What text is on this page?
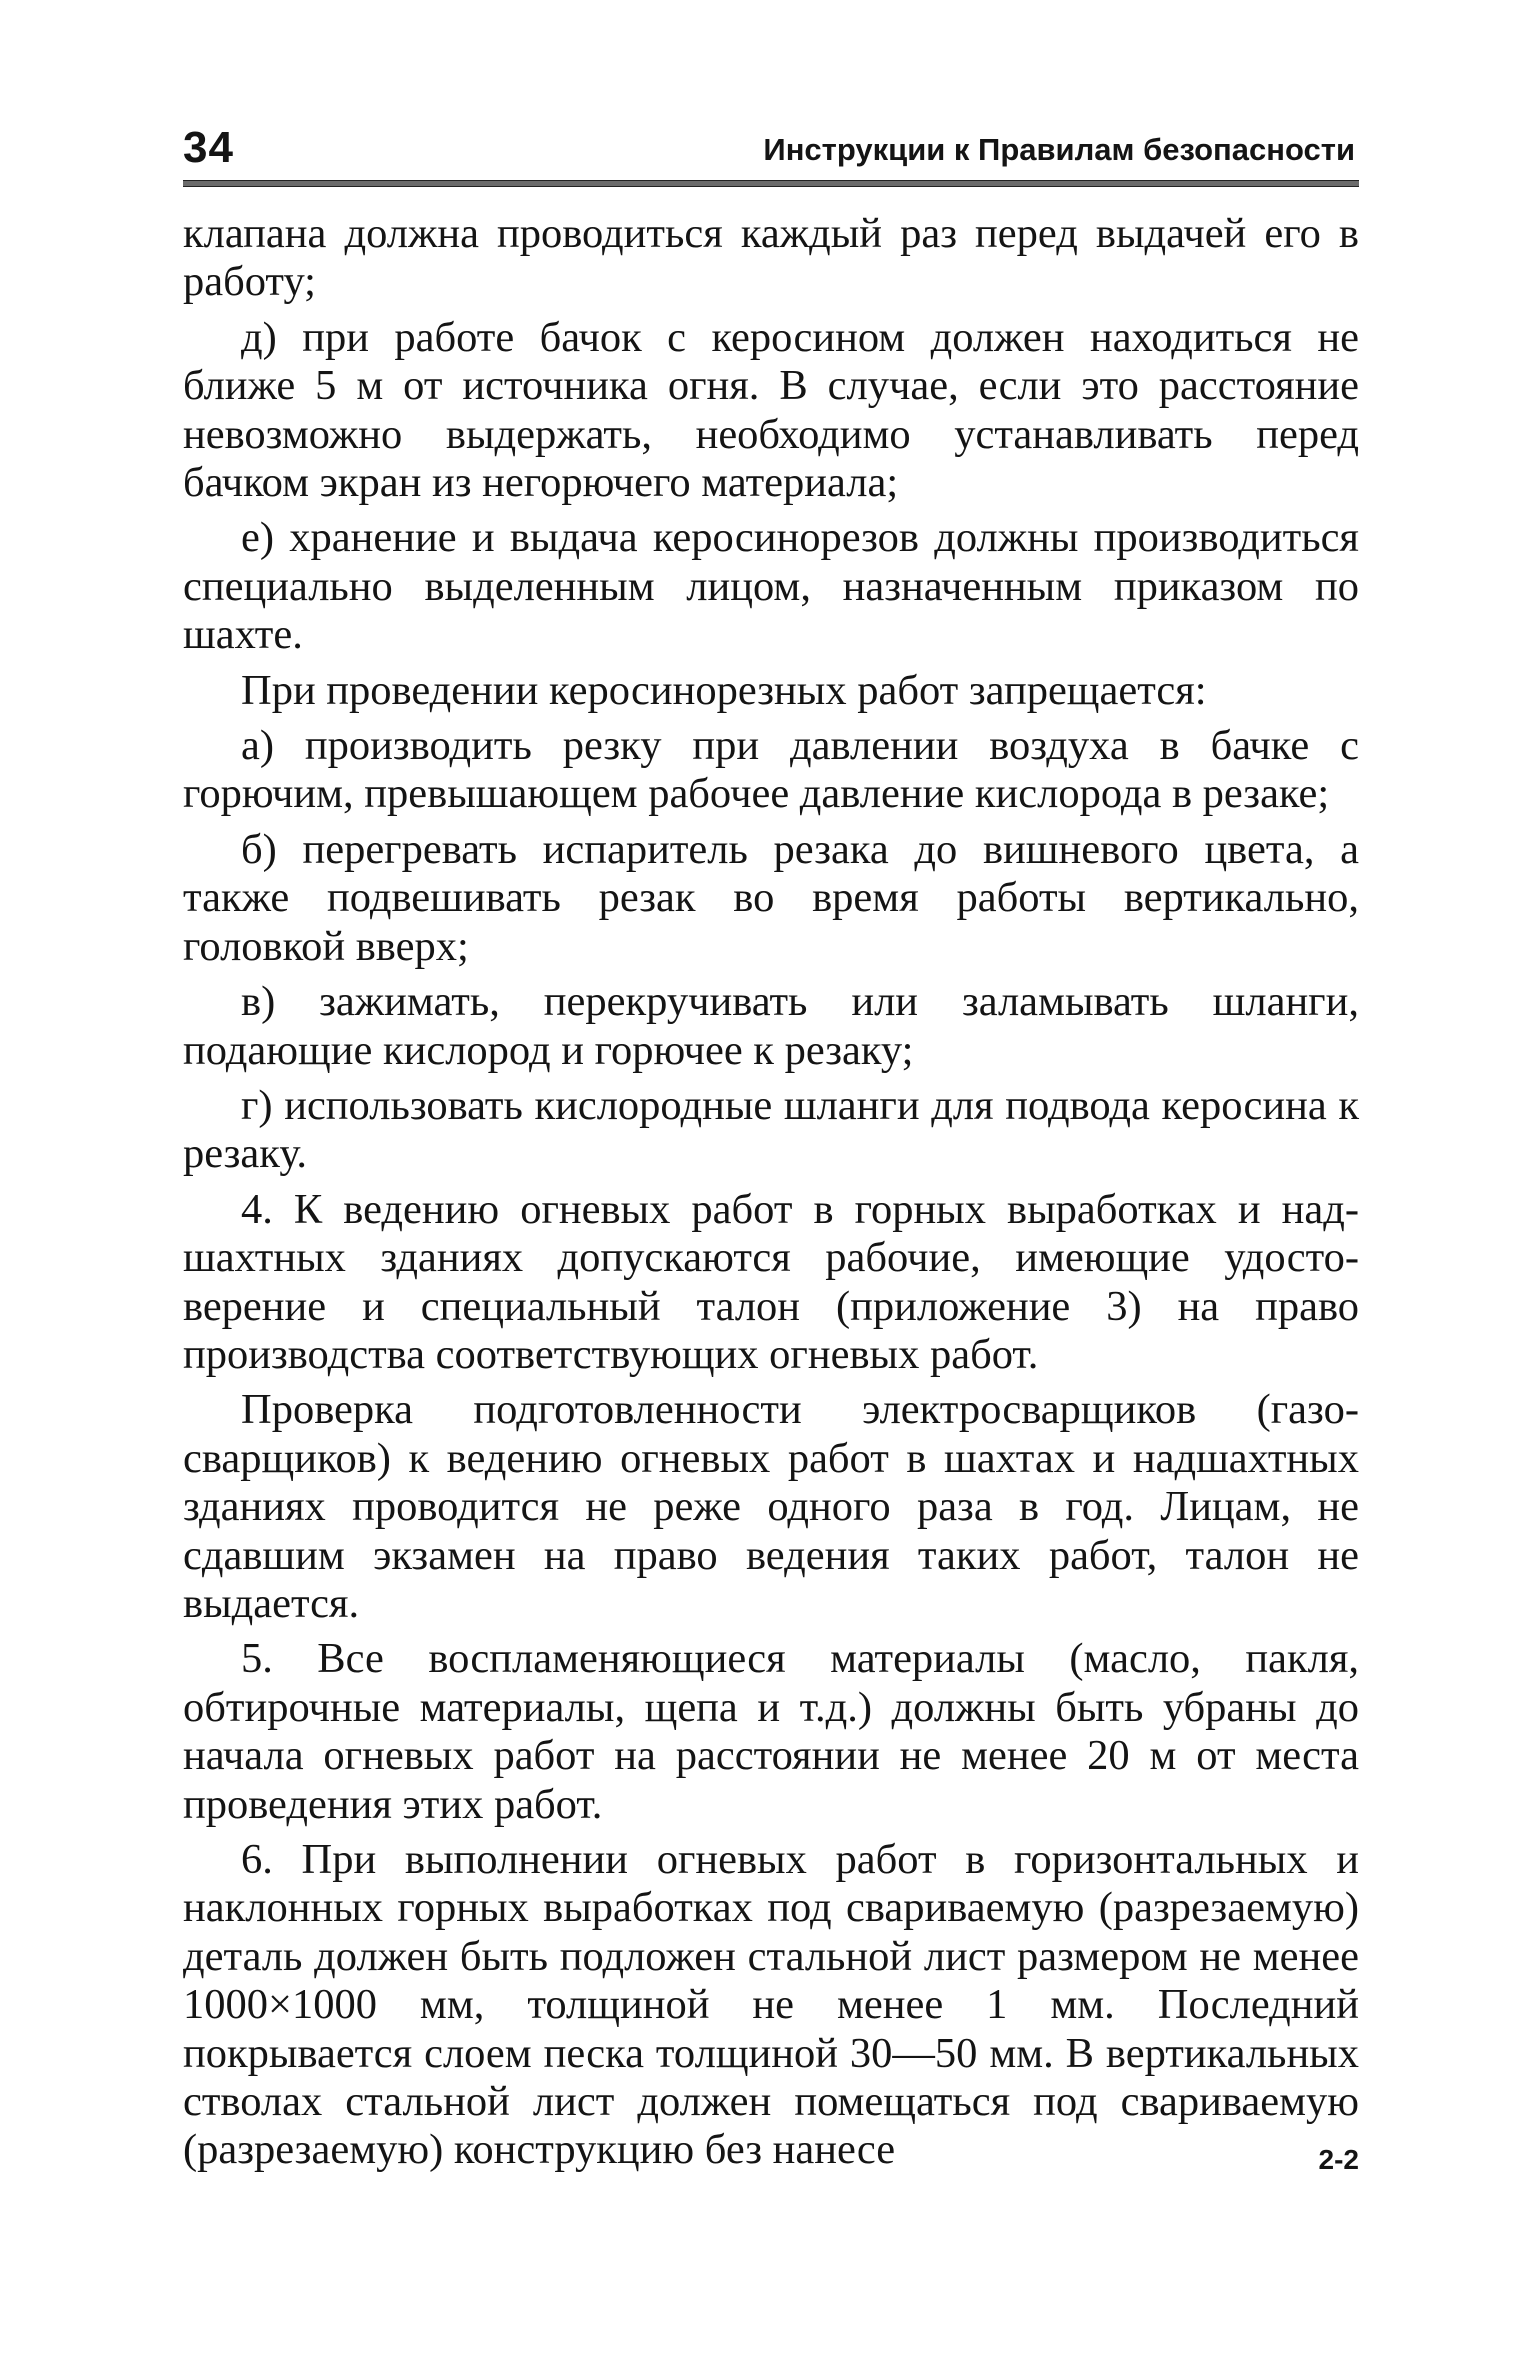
34	Инструкции к Правилам безопасности

клапана должна проводиться каждый раз перед выдачей его в работу;

д) при работе бачок с керосином должен находиться не ближе 5 м от источника огня. В случае, если это расстояние невозможно выдержать, необходимо устанавливать перед бачком экран из негорючего материала;

е) хранение и выдача керосинорезов должны производиться специально выделенным лицом, назначенным приказом по шахте.

При проведении керосинорезных работ запрещается:

а) производить резку при давлении воздуха в бачке с горючим, превышающем рабочее давление кислорода в резаке;

б) перегревать испаритель резака до вишневого цвета, а также подвешивать резак во время работы вертикально, головкой вверх;

в) зажимать, перекручивать или заламывать шланги, подающие кислород и горючее к резаку;

г) использовать кислородные шланги для подвода керосина к резаку.

4. К ведению огневых работ в горных выработках и надшахтных зданиях допускаются рабочие, имеющие удостоверение и специальный талон (приложение 3) на право производства соответствующих огневых работ.

Проверка подготовленности электросварщиков (газосварщиков) к ведению огневых работ в шахтах и надшахтных зданиях проводится не реже одного раза в год. Лицам, не сдавшим экзамен на право ведения таких работ, талон не выдается.

5. Все воспламеняющиеся материалы (масло, пакля, обтирочные материалы, щепа и т.д.) должны быть убраны до начала огневых работ на расстоянии не менее 20 м от места проведения этих работ.

6. При выполнении огневых работ в горизонтальных и наклонных горных выработках под свариваемую (разрезаемую) деталь должен быть подложен стальной лист размером не менее 1000×1000 мм, толщиной не менее 1 мм. Последний покрывается слоем песка толщиной 30—50 мм. В вертикальных стволах стальной лист должен помещаться под свариваемую (разрезаемую) конструкцию без нанесе	2-2
